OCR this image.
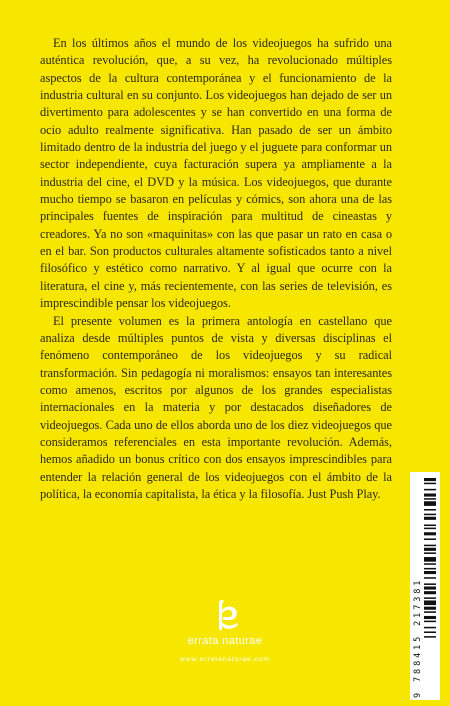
En los últimos años el mundo de los videojuegos ha sufrido una auténtica revolución, que, a su vez, ha revolucionado múltiples aspectos de la cultura contemporánea y el funcionamiento de la industria cultural en su conjunto. Los videojuegos han dejado de ser un divertimento para adolescentes y se han convertido en una forma de ocio adulto realmente significativa. Han pasado de ser un ámbito limitado dentro de la industria del juego y el juguete para conformar un sector independiente, cuya facturación supera ya ampliamente a la industria del cine, el DVD y la música. Los videojuegos, que durante mucho tiempo se basaron en películas y cómics, son ahora una de las principales fuentes de inspiración para multitud de cineastas y creadores. Ya no son «maquinitas» con las que pasar un rato en casa o en el bar. Son productos culturales altamente sofisticados tanto a nivel filosófico y estético como narrativo. Y al igual que ocurre con la literatura, el cine y, más recientemente, con las series de televisión, es imprescindible pensar los videojuegos.

El presente volumen es la primera antología en castellano que analiza desde múltiples puntos de vista y diversas disciplinas el fenómeno contemporáneo de los videojuegos y su radical transformación. Sin pedagogía ni moralismos: ensayos tan interesantes como amenos, escritos por algunos de los grandes especialistas internacionales en la materia y por destacados diseñadores de videojuegos. Cada uno de ellos aborda uno de los diez videojuegos que consideramos referenciales en esta importante revolución. Además, hemos añadido un bonus crítico con dos ensayos imprescindibles para entender la relación general de los videojuegos con el ámbito de la política, la economía capitalista, la ética y la filosofía. Just Push Play.

errata naturae
www.erratanaturae.com	9 788415 217381
